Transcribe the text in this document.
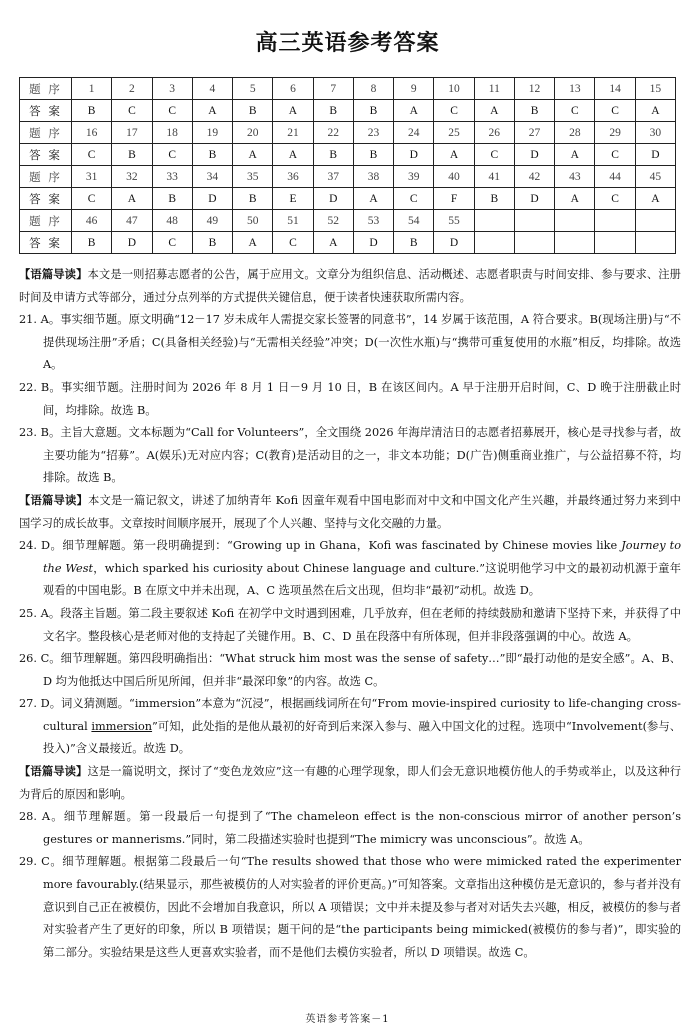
高三英语参考答案
题 序	1	2	3	4	5	6	7	8	9	10	11	12	13	14	15
答 案	B	C	C	A	B	A	B	B	A	C	A	B	C	C	A
题 序	16	17	18	19	20	21	22	23	24	25	26	27	28	29	30
答 案	C	B	C	B	A	A	B	B	D	A	C	D	A	C	D
题 序	31	32	33	34	35	36	37	38	39	40	41	42	43	44	45
答 案	C	A	B	D	B	E	D	A	C	F	B	D	A	C	A
题 序	46	47	48	49	50	51	52	53	54	55					
答 案	B	D	C	B	A	C	A	D	B	D					

【语篇导读】本文是一则招募志愿者的公告，属于应用文。文章分为组织信息、活动概述、志愿者职责与时间安排、参与要求、注册时间及申请方式等部分，通过分点列举的方式提供关键信息，便于读者快速获取所需内容。

21. A。事实细节题。原文明确“12－17 岁未成年人需提交家长签署的同意书”，14 岁属于该范围，A 符合要求。B(现场注册)与“不提供现场注册”矛盾；C(具备相关经验)与“无需相关经验”冲突；D(一次性水瓶)与“携带可重复使用的水瓶”相反，均排除。故选 A。

22. B。事实细节题。注册时间为 2026 年 8 月 1 日－9 月 10 日，B 在该区间内。A 早于注册开启时间，C、D 晚于注册截止时间，均排除。故选 B。

23. B。主旨大意题。文本标题为“Call for Volunteers”，全文围绕 2026 年海岸清洁日的志愿者招募展开，核心是寻找参与者，故主要功能为“招募”。A(娱乐)无对应内容；C(教育)是活动目的之一，非文本功能；D(广告)侧重商业推广，与公益招募不符，均排除。故选 B。

【语篇导读】本文是一篇记叙文，讲述了加纳青年 Kofi 因童年观看中国电影而对中文和中国文化产生兴趣，并最终通过努力来到中国学习的成长故事。文章按时间顺序展开，展现了个人兴趣、坚持与文化交融的力量。

24. D。细节理解题。第一段明确提到：“Growing up in Ghana，Kofi was fascinated by Chinese movies like Journey to the West，which sparked his curiosity about Chinese language and culture.”这说明他学习中文的最初动机源于童年观看的中国电影。B 在原文中并未出现，A、C 选项虽然在后文出现，但均非“最初”动机。故选 D。

25. A。段落主旨题。第二段主要叙述 Kofi 在初学中文时遇到困难，几乎放弃，但在老师的持续鼓励和邀请下坚持下来，并获得了中文名字。整段核心是老师对他的支持起了关键作用。B、C、D 虽在段落中有所体现，但并非段落强调的中心。故选 A。

26. C。细节理解题。第四段明确指出：“What struck him most was the sense of safety…”即“最打动他的是安全感”。A、B、D 均为他抵达中国后所见所闻，但并非“最深印象”的内容。故选 C。

27. D。词义猜测题。“immersion”本意为“沉浸”，根据画线词所在句“From movie-inspired curiosity to life-changing cross-cultural immersion”可知，此处指的是他从最初的好奇到后来深入参与、融入中国文化的过程。选项中“Involvement(参与、投入)”含义最接近。故选 D。

【语篇导读】这是一篇说明文，探讨了“变色龙效应”这一有趣的心理学现象，即人们会无意识地模仿他人的手势或举止，以及这种行为背后的原因和影响。

28. A。细节理解题。第一段最后一句提到了“The chameleon effect is the non-conscious mirror of another person’s gestures or mannerisms.”同时，第二段描述实验时也提到“The mimicry was unconscious”。故选 A。

29. C。细节理解题。根据第二段最后一句“The results showed that those who were mimicked rated the experimenter more favourably.(结果显示，那些被模仿的人对实验者的评价更高。)”可知答案。文章指出这种模仿是无意识的，参与者并没有意识到自己正在被模仿，因此不会增加自我意识，所以 A 项错误；文中并未提及参与者对对话失去兴趣，相反，被模仿的参与者对实验者产生了更好的印象，所以 B 项错误；题干问的是“the participants being mimicked(被模仿的参与者)”，即实验的第二部分。实验结果是这些人更喜欢实验者，而不是他们去模仿实验者，所以 D 项错误。故选 C。

英语参考答案－1
